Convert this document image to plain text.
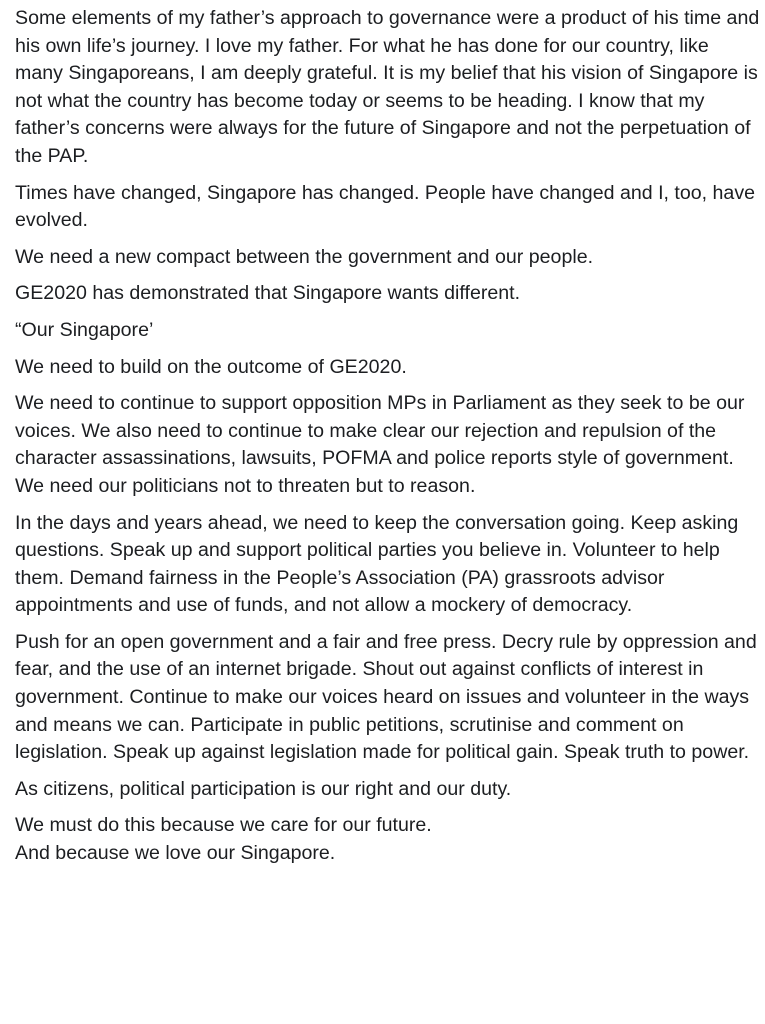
Some elements of my father’s approach to governance were a product of his time and his own life’s journey. I love my father. For what he has done for our country, like many Singaporeans, I am deeply grateful. It is my belief that his vision of Singapore is not what the country has become today or seems to be heading. I know that my father’s concerns were always for the future of Singapore and not the perpetuation of the PAP.

Times have changed, Singapore has changed. People have changed and I, too, have evolved.

We need a new compact between the government and our people.

GE2020 has demonstrated that Singapore wants different.

“Our Singapore’

We need to build on the outcome of GE2020.

We need to continue to support opposition MPs in Parliament as they seek to be our voices. We also need to continue to make clear our rejection and repulsion of the character assassinations, lawsuits, POFMA and police reports style of government. We need our politicians not to threaten but to reason.

In the days and years ahead, we need to keep the conversation going. Keep asking questions. Speak up and support political parties you believe in. Volunteer to help them. Demand fairness in the People’s Association (PA) grassroots advisor appointments and use of funds, and not allow a mockery of democracy.

Push for an open government and a fair and free press. Decry rule by oppression and fear, and the use of an internet brigade. Shout out against conflicts of interest in government. Continue to make our voices heard on issues and volunteer in the ways and means we can. Participate in public petitions, scrutinise and comment on legislation. Speak up against legislation made for political gain. Speak truth to power.

As citizens, political participation is our right and our duty.

We must do this because we care for our future.

And because we love our Singapore.
